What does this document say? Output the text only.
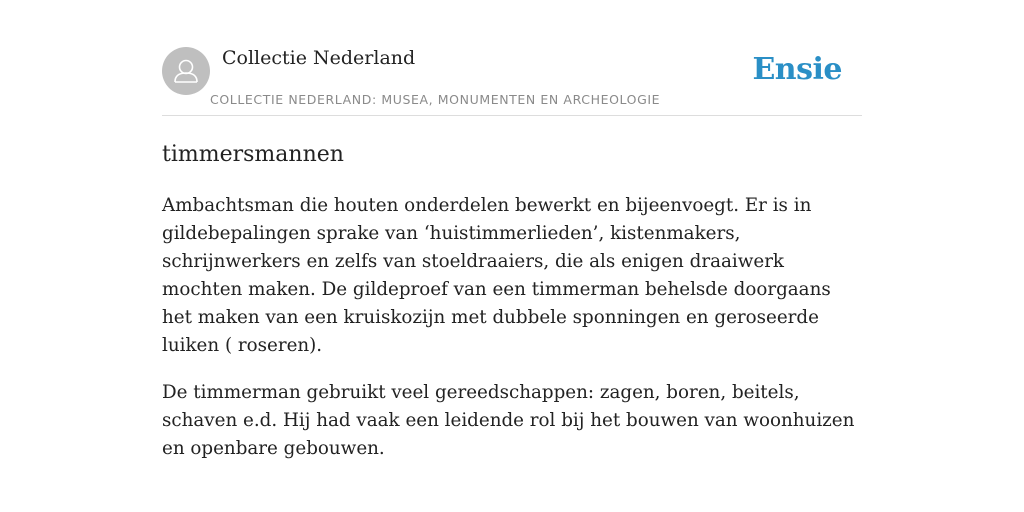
Collectie Nederland
COLLECTIE NEDERLAND: MUSEA, MONUMENTEN EN ARCHEOLOGIE
Ensie
timmersmannen

Ambachtsman die houten onderdelen bewerkt en bijeenvoegt. Er is in gildebepalingen sprake van ‘huistimmerlieden’, kistenmakers, schrijnwerkers en zelfs van stoeldraaiers, die als enigen draaiwerk mochten maken. De gildeproef van een timmerman behelsde doorgaans het maken van een kruiskozijn met dubbele sponningen en geroseerde luiken ( roseren).

De timmerman gebruikt veel gereedschappen: zagen, boren, beitels, schaven e.d. Hij had vaak een leidende rol bij het bouwen van woonhuizen en openbare gebouwen.
